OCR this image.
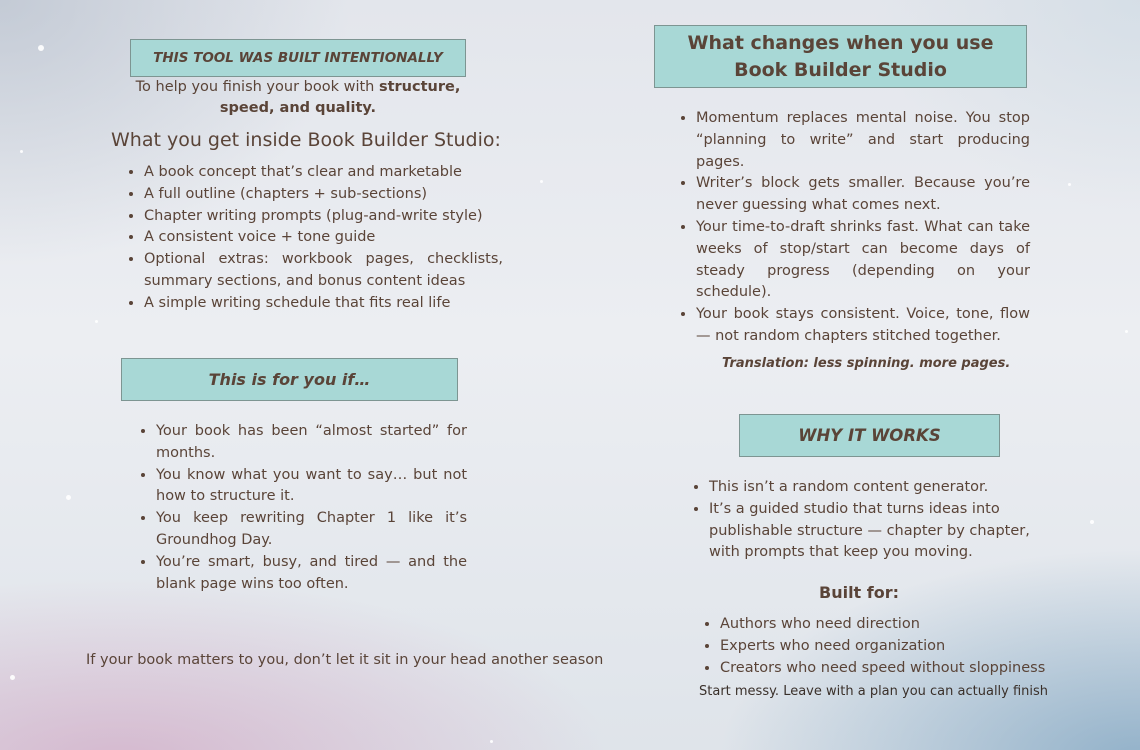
THIS TOOL WAS BUILT INTENTIONALLY
To help you finish your book with structure, speed, and quality.
What you get inside Book Builder Studio:
• A book concept that’s clear and marketable
• A full outline (chapters + sub-sections)
• Chapter writing prompts (plug-and-write style)
• A consistent voice + tone guide
• Optional extras: workbook pages, checklists, summary sections, and bonus content ideas
• A simple writing schedule that fits real life
This is for you if…
• Your book has been “almost started” for months.
• You know what you want to say… but not how to structure it.
• You keep rewriting Chapter 1 like it’s Groundhog Day.
• You’re smart, busy, and tired — and the blank page wins too often.
If your book matters to you, don’t let it sit in your head another season
What changes when you use Book Builder Studio
• Momentum replaces mental noise. You stop “planning to write” and start producing pages.
• Writer’s block gets smaller. Because you’re never guessing what comes next.
• Your time-to-draft shrinks fast. What can take weeks of stop/start can become days of steady progress (depending on your schedule).
• Your book stays consistent. Voice, tone, flow — not random chapters stitched together.
Translation: less spinning. more pages.
WHY IT WORKS
• This isn’t a random content generator.
• It’s a guided studio that turns ideas into publishable structure — chapter by chapter, with prompts that keep you moving.
Built for:
• Authors who need direction
• Experts who need organization
• Creators who need speed without sloppiness
Start messy. Leave with a plan you can actually finish
